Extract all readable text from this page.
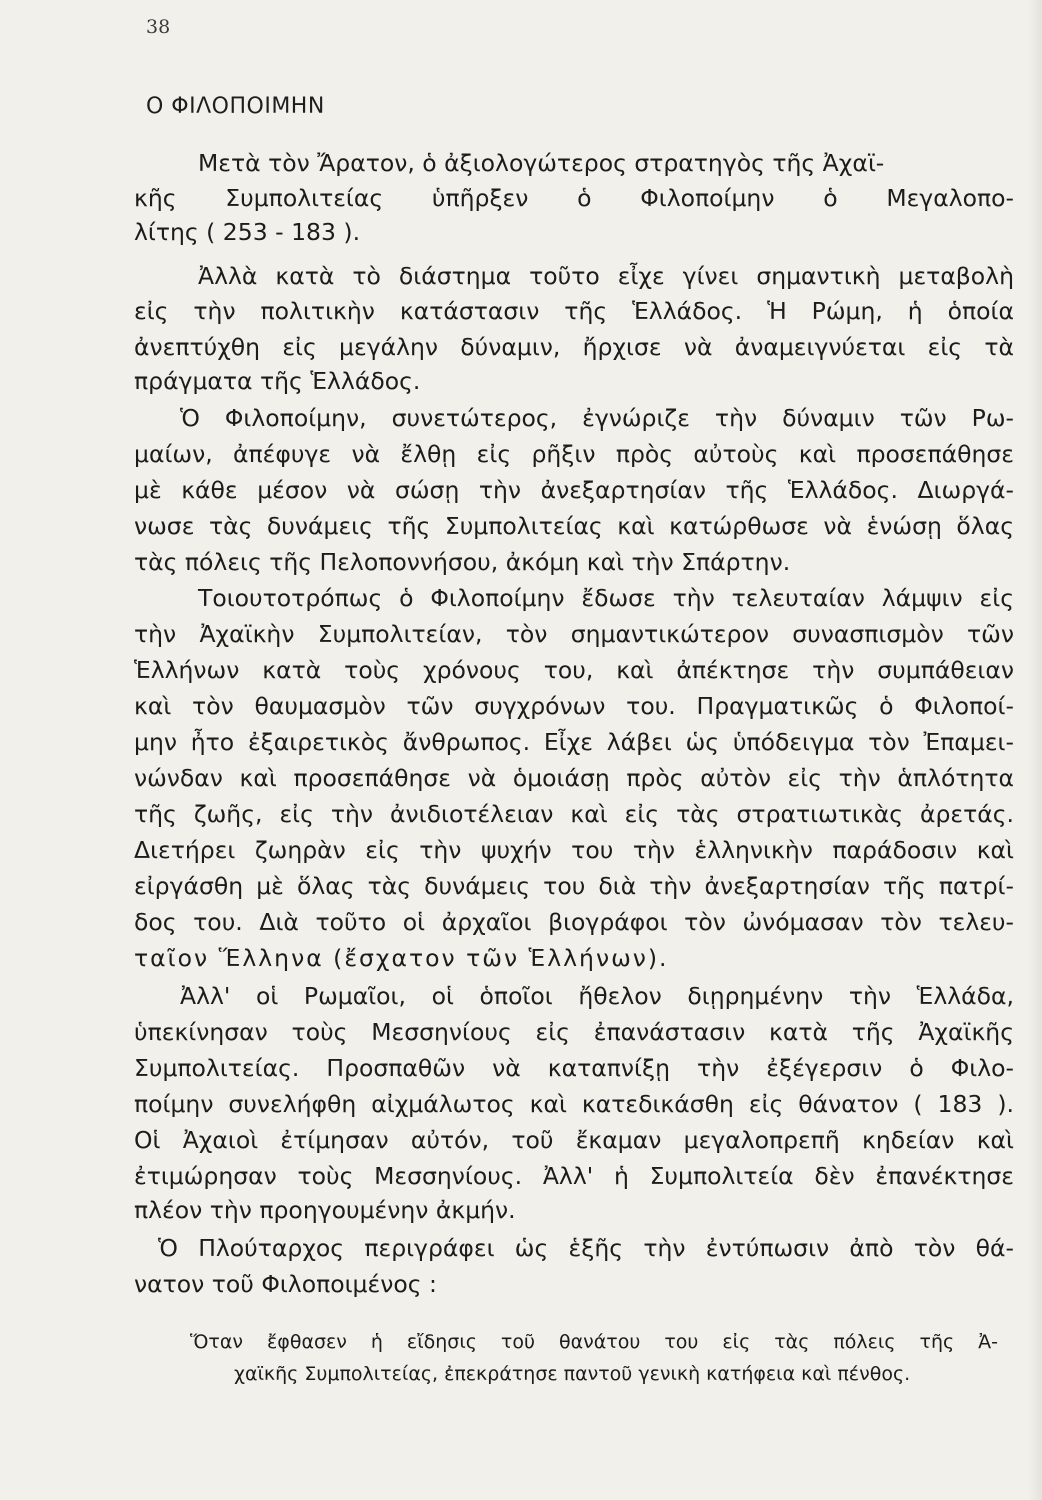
38
Ο ΦΙΛΟΠΟΙΜΗΝ
Μετὰ τὸν Ἄρατον, ὁ ἀξιολογώτερος στρατηγὸς τῆς Ἀχαϊ-
κῆς Συμπολιτείας ὑπῆρξεν ὁ Φιλοποίμην ὁ Μεγαλοπο-
λίτης ( 253 - 183 ).
Ἀλλὰ κατὰ τὸ διάστημα τοῦτο εἶχε γίνει σημαντικὴ μεταβολὴ
εἰς τὴν πολιτικὴν κατάστασιν τῆς Ἑλλάδος. Ἡ Ρώμη, ἡ ὁποία
ἀνεπτύχθη εἰς μεγάλην δύναμιν, ἤρχισε νὰ ἀναμειγνύεται εἰς τὰ
πράγματα τῆς Ἑλλάδος.
Ὁ Φιλοποίμην, συνετώτερος, ἐγνώριζε τὴν δύναμιν τῶν Ρω-
μαίων, ἀπέφυγε νὰ ἔλθῃ εἰς ρῆξιν πρὸς αὐτοὺς καὶ προσεπάθησε
μὲ κάθε μέσον νὰ σώσῃ τὴν ἀνεξαρτησίαν τῆς Ἑλλάδος. Διωργά-
νωσε τὰς δυνάμεις τῆς Συμπολιτείας καὶ κατώρθωσε νὰ ἑνώσῃ ὅλας
τὰς πόλεις τῆς Πελοποννήσου, ἀκόμη καὶ τὴν Σπάρτην.
Τοιουτοτρόπως ὁ Φιλοποίμην ἔδωσε τὴν τελευταίαν λάμψιν εἰς
τὴν Ἀχαϊκὴν Συμπολιτείαν, τὸν σημαντικώτερον συνασπισμὸν τῶν
Ἑλλήνων κατὰ τοὺς χρόνους του, καὶ ἀπέκτησε τὴν συμπάθειαν
καὶ τὸν θαυμασμὸν τῶν συγχρόνων του. Πραγματικῶς ὁ Φιλοποί-
μην ἦτο ἐξαιρετικὸς ἄνθρωπος. Εἶχε λάβει ὡς ὑπόδειγμα τὸν Ἐπαμει-
νώνδαν καὶ προσεπάθησε νὰ ὁμοιάσῃ πρὸς αὐτὸν εἰς τὴν ἁπλότητα
τῆς ζωῆς, εἰς τὴν ἀνιδιοτέλειαν καὶ εἰς τὰς στρατιωτικὰς ἀρετάς.
Διετήρει ζωηρὰν εἰς τὴν ψυχήν του τὴν ἑλληνικὴν παράδοσιν καὶ
εἰργάσθη μὲ ὅλας τὰς δυνάμεις του διὰ τὴν ἀνεξαρτησίαν τῆς πατρί-
δος του. Διὰ τοῦτο οἱ ἀρχαῖοι βιογράφοι τὸν ὠνόμασαν τὸν τελευ-
ταῖον Ἕλληνα (ἔσχατον τῶν Ἑλλήνων).
Ἀλλ' οἱ Ρωμαῖοι, οἱ ὁποῖοι ἤθελον διῃρημένην τὴν Ἑλλάδα,
ὑπεκίνησαν τοὺς Μεσσηνίους εἰς ἐπανάστασιν κατὰ τῆς Ἀχαϊκῆς
Συμπολιτείας. Προσπαθῶν νὰ καταπνίξῃ τὴν ἐξέγερσιν ὁ Φιλο-
ποίμην συνελήφθη αἰχμάλωτος καὶ κατεδικάσθη εἰς θάνατον ( 183 ).
Οἱ Ἀχαιοὶ ἐτίμησαν αὐτόν, τοῦ ἔκαμαν μεγαλοπρεπῆ κηδείαν καὶ
ἐτιμώρησαν τοὺς Μεσσηνίους. Ἀλλ' ἡ Συμπολιτεία δὲν ἐπανέκτησε
πλέον τὴν προηγουμένην ἀκμήν.
Ὁ Πλούταρχος περιγράφει ὡς ἑξῆς τὴν ἐντύπωσιν ἀπὸ τὸν θά-
νατον τοῦ Φιλοποιμένος :
Ὅταν ἔφθασεν ἡ εἴδησις τοῦ θανάτου του εἰς τὰς πόλεις τῆς Ἀ-
χαϊκῆς Συμπολιτείας, ἐπεκράτησε παντοῦ γενικὴ κατήφεια καὶ πένθος.
